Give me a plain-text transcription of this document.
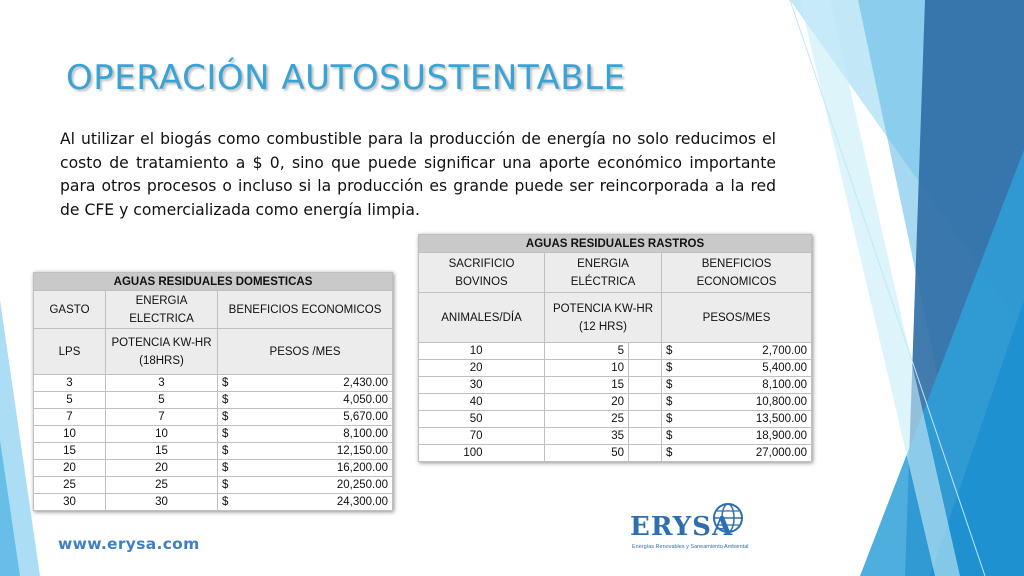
OPERACIÓN AUTOSUSTENTABLE

Al utilizar el biogás como combustible para la producción de energía no solo reducimos el costo de tratamiento a $ 0, sino que puede significar una aporte económico importante para otros procesos o incluso si la producción es grande puede ser reincorporada a la red de CFE y comercializada como energía limpia.

AGUAS RESIDUALES DOMESTICAS			
GASTO	ENERGIA ELECTRICA	BENEFICIOS ECONOMICOS	
LPS	POTENCIA KW-HR (18HRS)	PESOS /MES	
3	3	$	2,430.00
5	5	$	4,050.00
7	7	$	5,670.00
10	10	$	8,100.00
15	15	$	12,150.00
20	20	$	16,200.00
25	25	$	20,250.00
30	30	$	24,300.00
AGUAS RESIDUALES RASTROS					
SACRIFICIO BOVINOS		ENERGIA ELÉCTRICA		BENEFICIOS ECONOMICOS	
ANIMALES/DÍA		POTENCIA KW-HR (12 HRS)		PESOS/MES	
10		5		$	2,700.00
20		10		$	5,400.00
30		15		$	8,100.00
40		20		$	10,800.00
50		25		$	13,500.00
70		35		$	18,900.00
100		50		$	27,000.00

www.erysa.com

ERYSA
Energías Renovables y Saneamiento Ambiental
